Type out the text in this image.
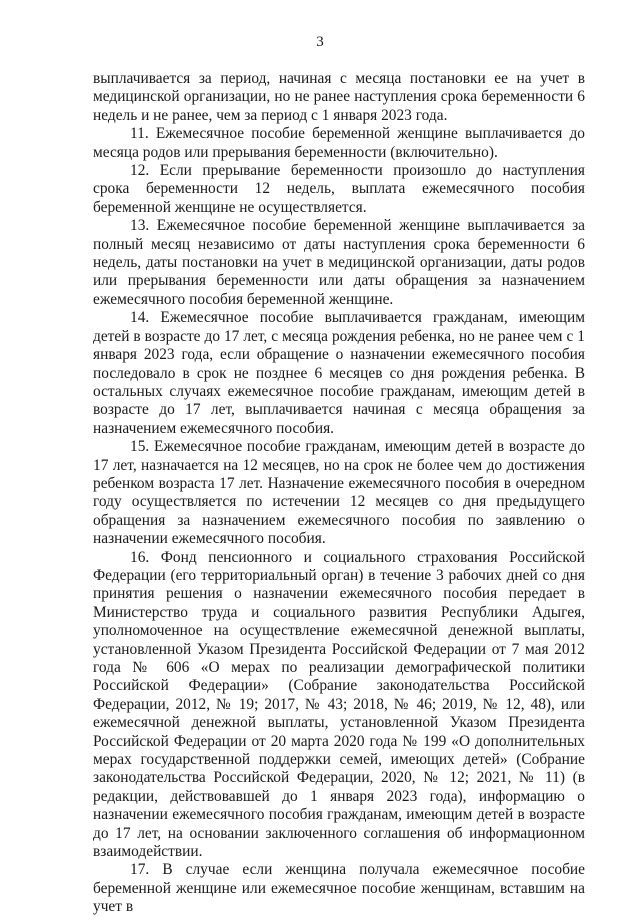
3

выплачивается за период, начиная с месяца постановки ее на учет в медицинской организации, но не ранее наступления срока беременности 6 недель и не ранее, чем за период с 1 января 2023 года.

11. Ежемесячное пособие беременной женщине выплачивается до месяца родов или прерывания беременности (включительно).

12. Если прерывание беременности произошло до наступления срока беременности 12 недель, выплата ежемесячного пособия беременной женщине не осуществляется.

13. Ежемесячное пособие беременной женщине выплачивается за полный месяц независимо от даты наступления срока беременности 6 недель, даты постановки на учет в медицинской организации, даты родов или прерывания беременности или даты обращения за назначением ежемесячного пособия беременной женщине.

14. Ежемесячное пособие выплачивается гражданам, имеющим детей в возрасте до 17 лет, с месяца рождения ребенка, но не ранее чем с 1 января 2023 года, если обращение о назначении ежемесячного пособия последовало в срок не позднее 6 месяцев со дня рождения ребенка. В остальных случаях ежемесячное пособие гражданам, имеющим детей в возрасте до 17 лет, выплачивается начиная с месяца обращения за назначением ежемесячного пособия.

15. Ежемесячное пособие гражданам, имеющим детей в возрасте до 17 лет, назначается на 12 месяцев, но на срок не более чем до достижения ребенком возраста 17 лет. Назначение ежемесячного пособия в очередном году осуществляется по истечении 12 месяцев со дня предыдущего обращения за назначением ежемесячного пособия по заявлению о назначении ежемесячного пособия.

16. Фонд пенсионного и социального страхования Российской Федерации (его территориальный орган) в течение 3 рабочих дней со дня принятия решения о назначении ежемесячного пособия передает в Министерство труда и социального развития Республики Адыгея, уполномоченное на осуществление ежемесячной денежной выплаты, установленной Указом Президента Российской Федерации от 7 мая 2012 года № 606 «О мерах по реализации демографической политики Российской Федерации» (Собрание законодательства Российской Федерации, 2012, № 19; 2017, № 43; 2018, № 46; 2019, № 12, 48), или ежемесячной денежной выплаты, установленной Указом Президента Российской Федерации от 20 марта 2020 года № 199 «О дополнительных мерах государственной поддержки семей, имеющих детей» (Собрание законодательства Российской Федерации, 2020, № 12; 2021, № 11) (в редакции, действовавшей до 1 января 2023 года), информацию о назначении ежемесячного пособия гражданам, имеющим детей в возрасте до 17 лет, на основании заключенного соглашения об информационном взаимодействии.

17. В случае если женщина получала ежемесячное пособие беременной женщине или ежемесячное пособие женщинам, вставшим на учет в
